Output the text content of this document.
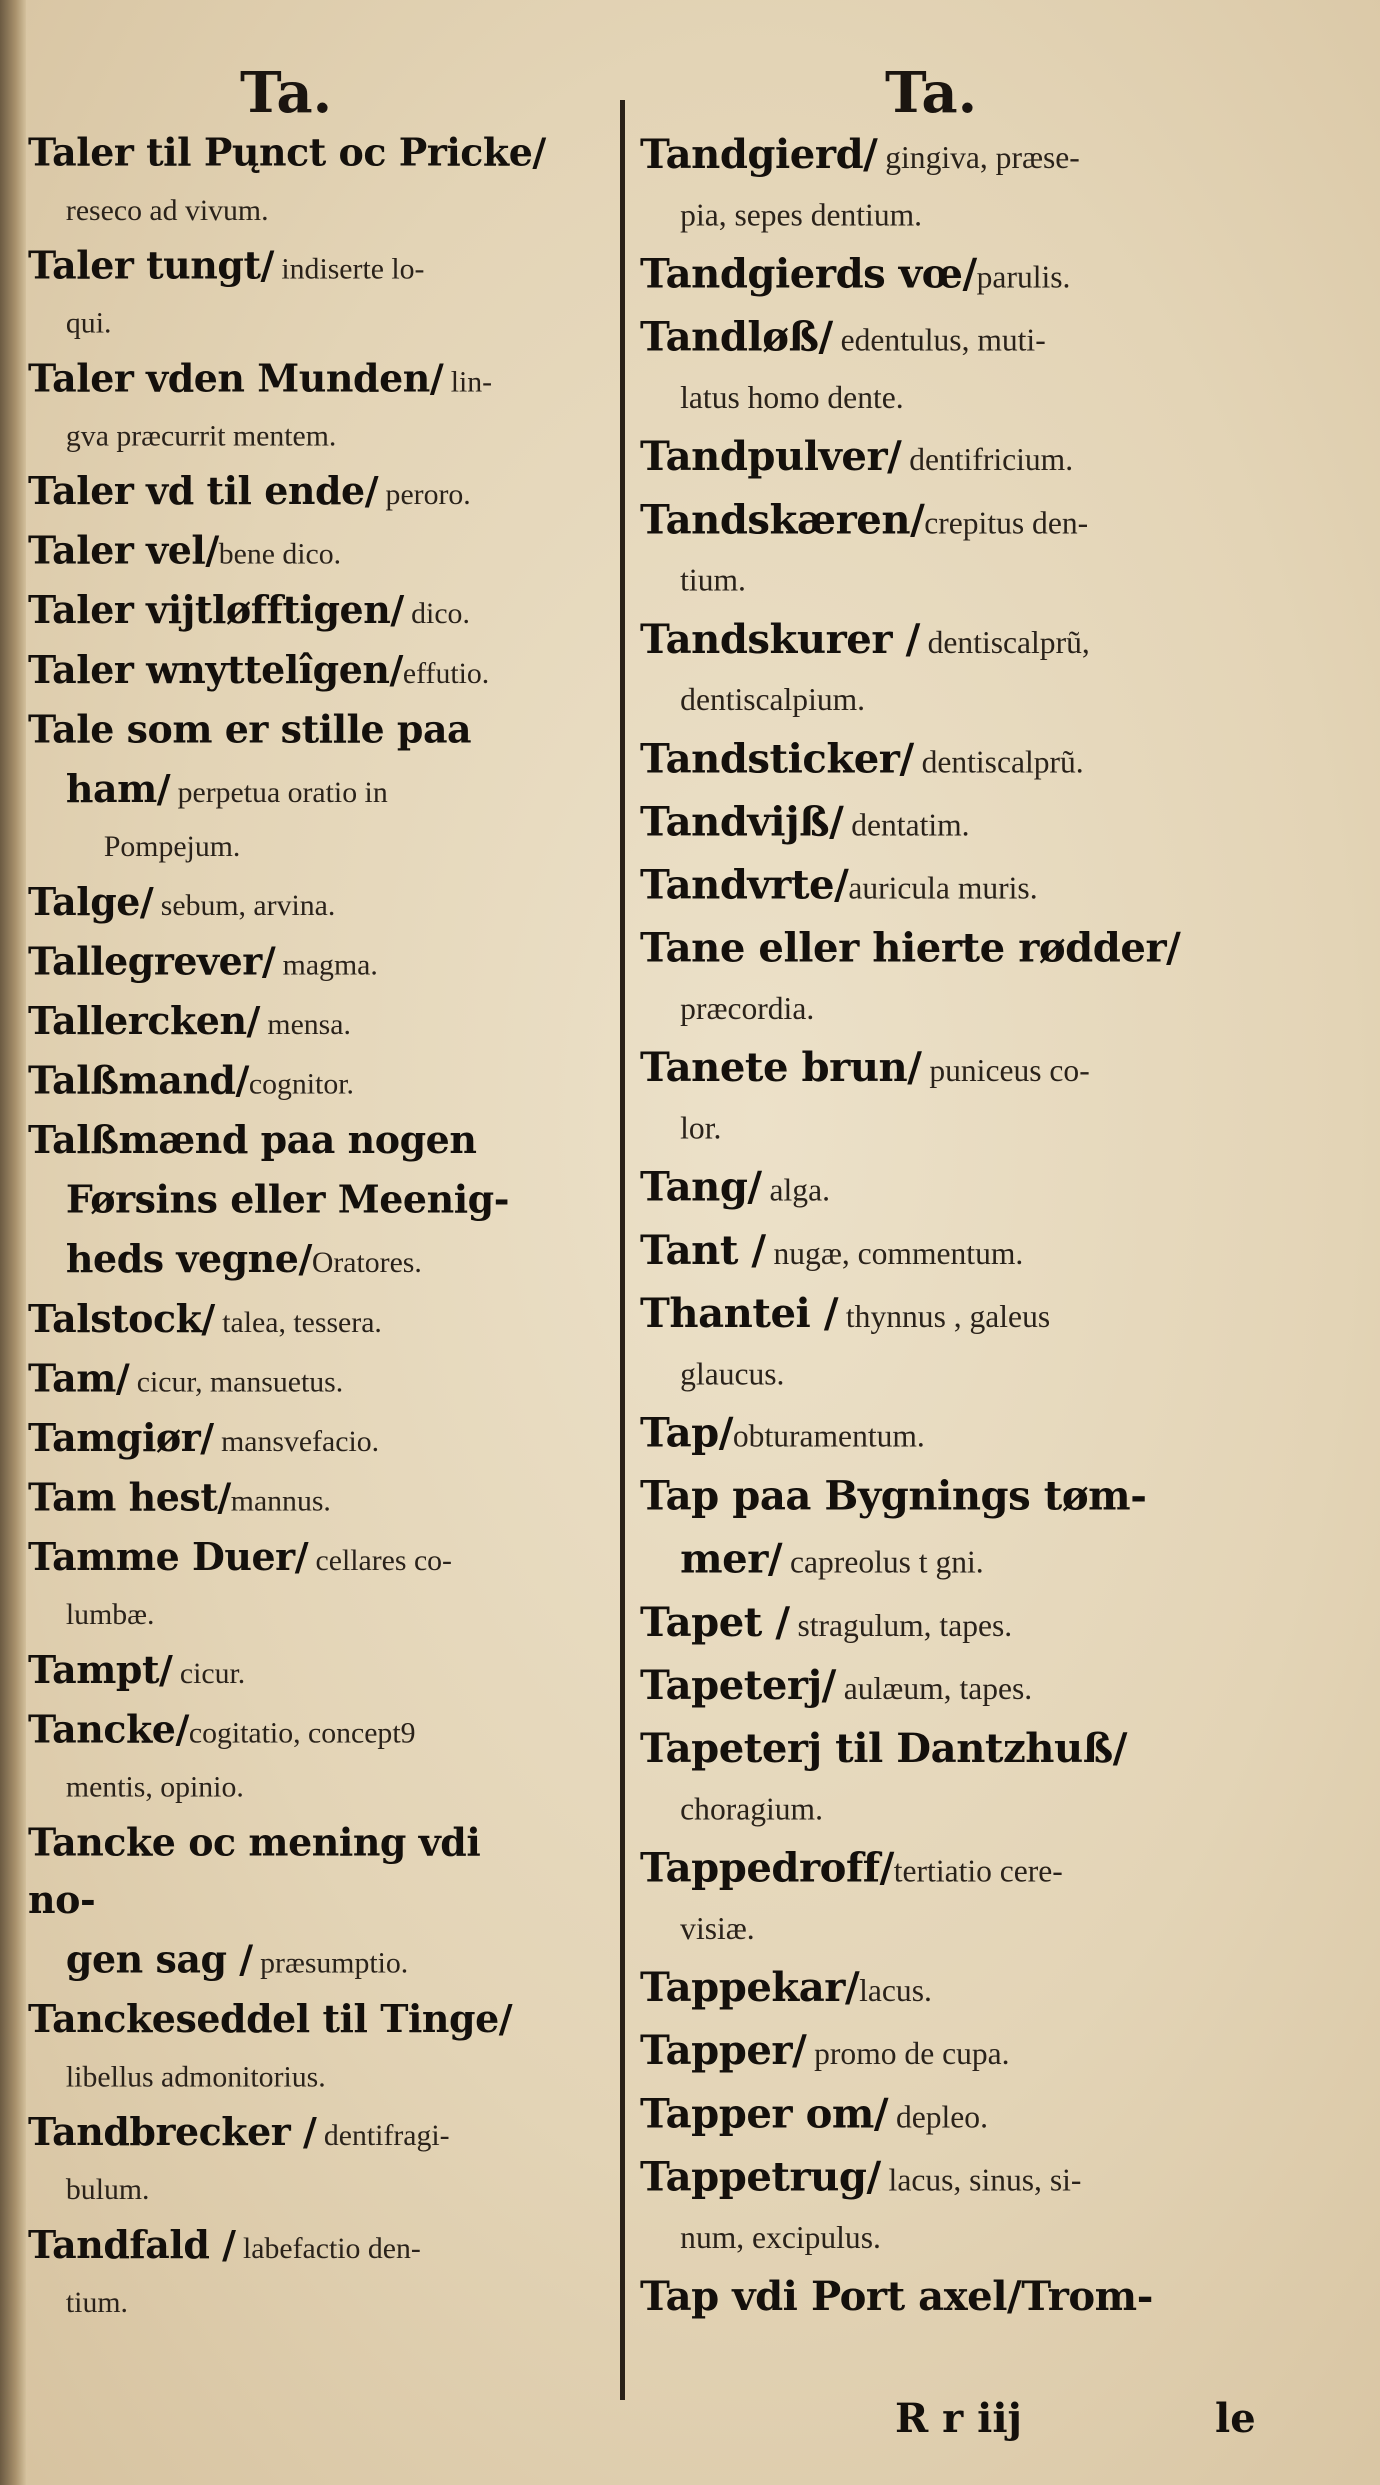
Ta.	Ta.
Taler til Pųnct oc Pricke/
reseco ad vivum.
Taler tungt/ indiserte lo-
qui.
Taler vden Munden/ lin-
gva præcurrit mentem.
Taler vd til ende/ peroro.
Taler vel/bene dico.
Taler vijtløfftigen/ dico.
Taler wnyttelîgen/effutio.
Tale som er stille paa
ham/ perpetua oratio in
Pompejum.
Talge/ sebum, arvina.
Tallegrever/ magma.
Tallercken/ mensa.
Talßmand/cognitor.
Talßmænd paa nogen
Førsins eller Meenig-
heds vegne/Oratores.
Talstock/ talea, tessera.
Tam/ cicur, mansuetus.
Tamgiør/ mansvefacio.
Tam hest/mannus.
Tamme Duer/ cellares co-
lumbæ.
Tampt/ cicur.
Tancke/cogitatio, concept9
mentis, opinio.
Tancke oc mening vdi no-
gen sag / præsumptio.
Tanckeseddel til Tinge/
libellus admonitorius.
Tandbrecker / dentifragi-
bulum.
Tandfald / labefactio den-
tium.
Tandgierd/ gingiva, præse-
pia, sepes dentium.
Tandgierds vœ/parulis.
Tandløß/ edentulus, muti-
latus homo dente.
Tandpulver/ dentifricium.
Tandskæren/crepitus den-
tium.
Tandskurer / dentiscalprũ,
dentiscalpium.
Tandsticker/ dentiscalprũ.
Tandvijß/ dentatim.
Tandvrte/auricula muris.
Tane eller hierte rødder/
præcordia.
Tanete brun/ puniceus co-
lor.
Tang/ alga.
Tant / nugæ, commentum.
Thantei / thynnus , galeus
glaucus.
Tap/obturamentum.
Tap paa Bygnings tøm-
mer/ capreolus t gni.
Tapet / stragulum, tapes.
Tapeterj/ aulæum, tapes.
Tapeterj til Dantzhuß/
choragium.
Tappedroff/tertiatio cere-
visiæ.
Tappekar/lacus.
Tapper/ promo de cupa.
Tapper om/ depleo.
Tappetrug/ lacus, sinus, si-
num, excipulus.
Tap vdi Port axel/Trom-
R r iij	le
